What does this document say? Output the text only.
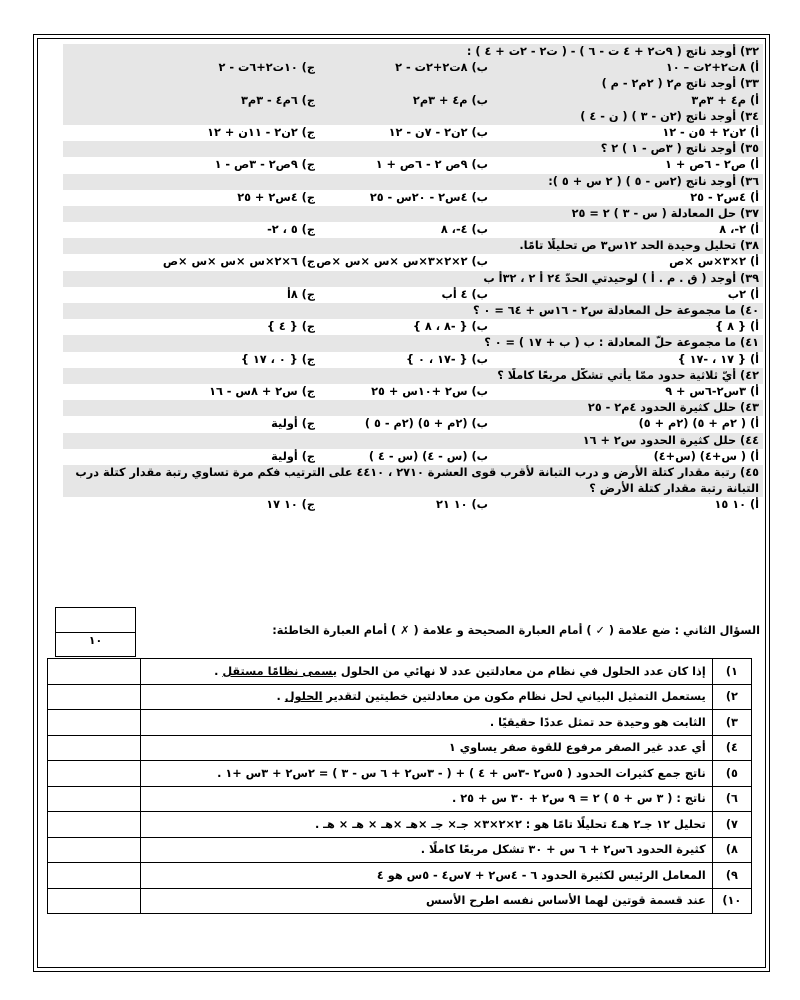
٣٢) أوجد ناتج ( ٩ت٢ + ٤ ت - ٦ ) - ( ت٢ - ٢ت + ٤ ) :
أ) ٨ت٢+٢ت – ١٠
ب) ٨ت٢+٢ت - ٢
ج) ١٠ت٢+٦ت - ٢
٣٣) أوجد ناتج م٢ ( ٢م٢ - م )
أ) م٤ + ٣م٣
ب) م٤ + ٣م٢
ج) ٦م٤ - ٣م٣
٣٤) أوجد ناتج (٢ن - ٣ ) ( ن - ٤ )
أ) ٢ن٢ + ٥ن - ١٢
ب) ٢ن٢ - ٧ن - ١٢
ج) ٢ن٢ - ١١ن + ١٢
٣٥) أوجد ناتج ( ٣ص - ١ ) ٢ ؟
أ) ص٢ - ٦ص + ١
ب) ٩ص ٢ - ٦ص + ١
ج) ٩ص٢ - ٣ص - ١
٣٦) أوجد ناتج (٢س - ٥ ) ( ٢ س + ٥ ):
أ) ٤س٢ - ٢٥
ب) ٤س٢ - ٢٠س - ٢٥
ج) ٤س٢ + ٢٥
٣٧) حل المعادلة ( س - ٣ ) ٢ = ٢٥
أ) ٢-، ٨
ب) ٤-، ٨
ج) ٥ ، ٢-
٣٨) تحليل وحيدة الحد ١٢س٣ ص تحليلًا تامًا.
أ) ٢×٣×س ×ص
ب) ٢×٢×٣×س ×س ×س ×ص
ج) ٦×٢×س ×س ×س ×ص
٣٩) أوجد ( ق . م . أ ) لوحيدتي الحدّ ٢٤ أ ٢ ، ٣٢أ ب
أ) ٢ب
ب) ٤ أب
ج) ٨أ
٤٠) ما مجموعة حل المعادلة س٢ - ١٦س + ٦٤ = ٠ ؟
أ) { ٨ }
ب) { -٨ ، ٨ }
ج) { ٤ }
٤١) ما مجموعة حلّ المعادلة : ب ( ب + ١٧ ) = ٠ ؟
أ) { ١٧ ، -١٧ }
ب) { -١٧ ، ٠ }
ج) { ٠ ، ١٧ }
٤٢) أيّ ثلاثية حدود ممّا يأتي تشكّل مربعًا كاملًا ؟
أ) ٣س٢-٦س + ٩
ب) س٢ +١٠س + ٢٥
ج) س٢ + ٨س - ١٦
٤٣) حلل كثيرة الحدود ٤م٢ - ٢٥
أ) ( ٢م + ٥) (٢م + ٥)
ب) (٢م + ٥) (٢م - ٥ )
ج) أولية
٤٤) حلل كثيرة الحدود س٢ + ١٦
أ) ( س+٤) (س+٤)
ب) (س - ٤) (س - ٤ )
ج) أولية
٤٥) رتبة مقدار كتلة الأرض و درب التبانة لأقرب قوى العشرة ٢٧١٠ ، ٤٤١٠ على الترتيب فكم مرة تساوي رتبة مقدار كتلة درب التبانة رتبة مقدار كتلة الأرض ؟
أ) ١٠ ١٥
ب) ١٠ ٢١
ج) ١٠ ١٧
١٠
السؤال الثاني : ضع علامة ( ✓ ) أمام العبارة الصحيحة و علامة ( ✗ ) أمام العبارة الخاطئة:
١)	إذا كان عدد الحلول في نظام من معادلتين عدد لا نهائي من الحلول يسمى نظامًا مستقل .	
٢)	يستعمل التمثيل البياني لحل نظام مكون من معادلتين خطيتين لتقدير الحلول .	
٣)	الثابت هو وحيدة حد تمثل عددًا حقيقيًا .	
٤)	أي عدد غير الصفر مرفوع للقوة صفر يساوي ١	
٥)	ناتج جمع كثيرات الحدود ( ٥س٢ -٣س + ٤ ) + ( - ٣س٢ + ٦ س - ٣ ) = ٢س٢ + ٣س +١ .	
٦)	ناتج : ( ٣ س + ٥ ) ٢ = ٩ س٢ + ٣٠ س + ٢٥ .	
٧)	تحليل ١٢ جـ٢ هـ٤ تحليلًا تامًا هو : ٢×٢×٣× جـ× جـ ×هـ ×هـ × هـ × هـ .	
٨)	كثيرة الحدود ٦س٢ + ٦ س + ٣٠ تشكل مربعًا كاملًا .	
٩)	المعامل الرئيس لكثيرة الحدود ٦ - ٤س٢ + ٧س٤ - ٥س هو ٤	
١٠)	عند قسمة قوتين لهما الأساس نفسه اطرح الأسس	
